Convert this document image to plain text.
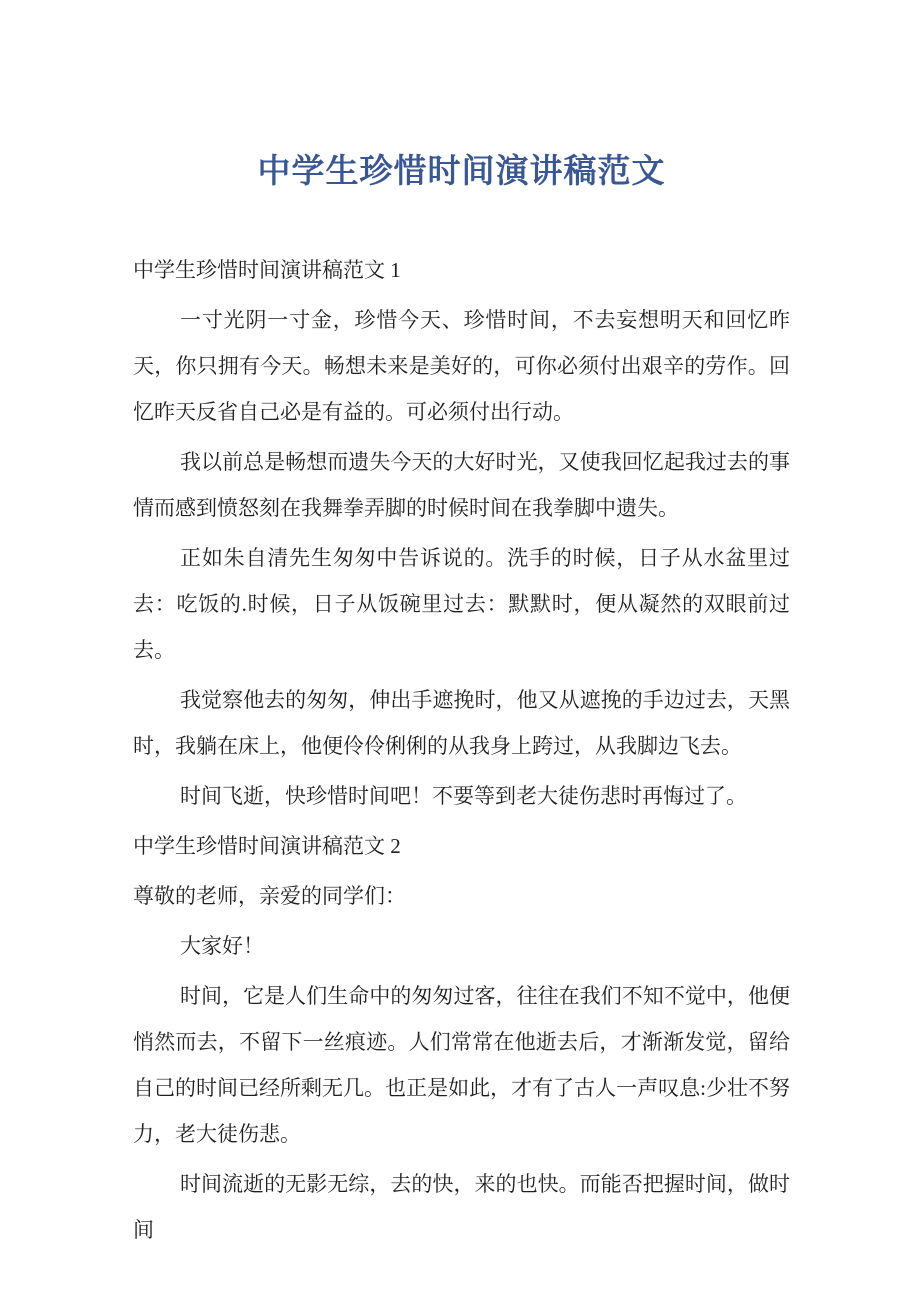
中学生珍惜时间演讲稿范文

中学生珍惜时间演讲稿范文 1

一寸光阴一寸金，珍惜今天、珍惜时间，不去妄想明天和回忆昨天，你只拥有今天。畅想未来是美好的，可你必须付出艰辛的劳作。回忆昨天反省自己必是有益的。可必须付出行动。

我以前总是畅想而遗失今天的大好时光，又使我回忆起我过去的事情而感到愤怒刻在我舞拳弄脚的时候时间在我拳脚中遗失。

正如朱自清先生匆匆中告诉说的。洗手的时候，日子从水盆里过去：吃饭的.时候，日子从饭碗里过去：默默时，便从凝然的双眼前过去。

我觉察他去的匆匆，伸出手遮挽时，他又从遮挽的手边过去，天黑时，我躺在床上，他便伶伶俐俐的从我身上跨过，从我脚边飞去。

时间飞逝，快珍惜时间吧！不要等到老大徒伤悲时再悔过了。

中学生珍惜时间演讲稿范文 2

尊敬的老师，亲爱的同学们：

大家好！

时间，它是人们生命中的匆匆过客，往往在我们不知不觉中，他便悄然而去，不留下一丝痕迹。人们常常在他逝去后，才渐渐发觉，留给自己的时间已经所剩无几。也正是如此，才有了古人一声叹息:少壮不努力，老大徒伤悲。

时间流逝的无影无综，去的快，来的也快。而能否把握时间，做时间
